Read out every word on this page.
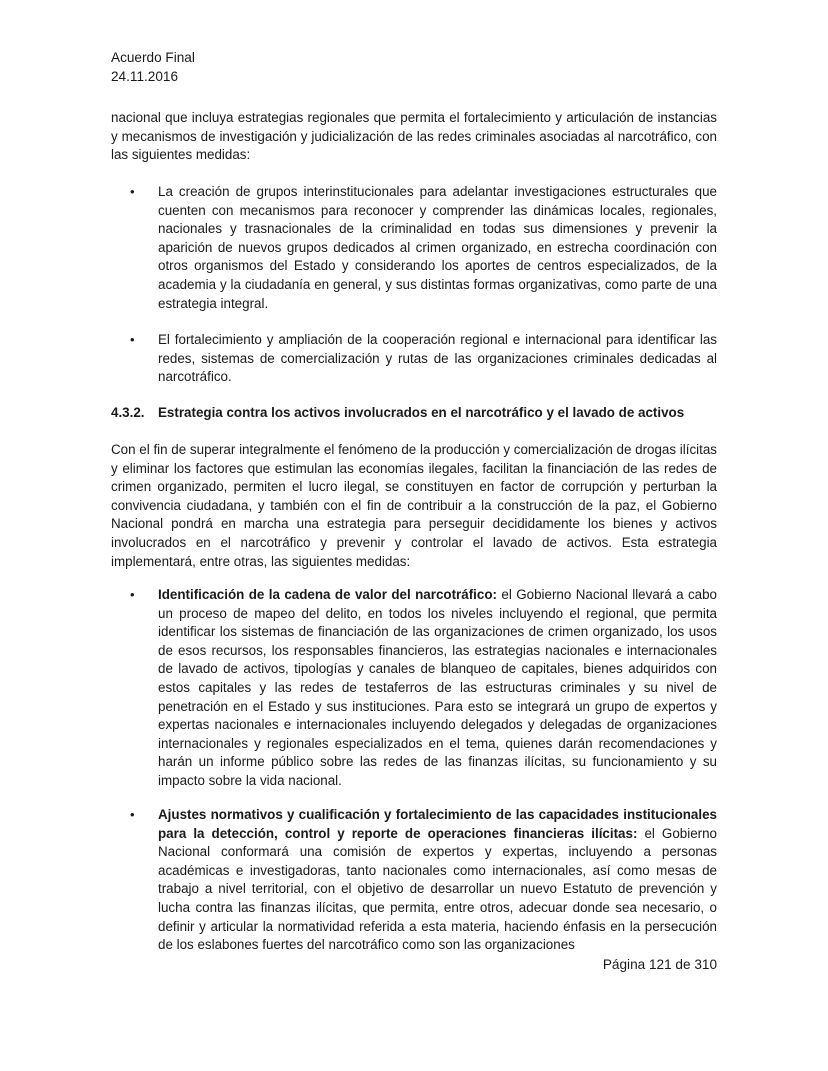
Acuerdo Final
24.11.2016

nacional que incluya estrategias regionales que permita el fortalecimiento y articulación de instancias y mecanismos de investigación y judicialización de las redes criminales asociadas al narcotráfico, con las siguientes medidas:

• La creación de grupos interinstitucionales para adelantar investigaciones estructurales que cuenten con mecanismos para reconocer y comprender las dinámicas locales, regionales, nacionales y trasnacionales de la criminalidad en todas sus dimensiones y prevenir la aparición de nuevos grupos dedicados al crimen organizado, en estrecha coordinación con otros organismos del Estado y considerando los aportes de centros especializados, de la academia y la ciudadanía en general, y sus distintas formas organizativas, como parte de una estrategia integral.

• El fortalecimiento y ampliación de la cooperación regional e internacional para identificar las redes, sistemas de comercialización y rutas de las organizaciones criminales dedicadas al narcotráfico.

4.3.2. Estrategia contra los activos involucrados en el narcotráfico y el lavado de activos

Con el fin de superar integralmente el fenómeno de la producción y comercialización de drogas ilícitas y eliminar los factores que estimulan las economías ilegales, facilitan la financiación de las redes de crimen organizado, permiten el lucro ilegal, se constituyen en factor de corrupción y perturban la convivencia ciudadana, y también con el fin de contribuir a la construcción de la paz, el Gobierno Nacional pondrá en marcha una estrategia para perseguir decididamente los bienes y activos involucrados en el narcotráfico y prevenir y controlar el lavado de activos. Esta estrategia implementará, entre otras, las siguientes medidas:

• Identificación de la cadena de valor del narcotráfico: el Gobierno Nacional llevará a cabo un proceso de mapeo del delito, en todos los niveles incluyendo el regional, que permita identificar los sistemas de financiación de las organizaciones de crimen organizado, los usos de esos recursos, los responsables financieros, las estrategias nacionales e internacionales de lavado de activos, tipologías y canales de blanqueo de capitales, bienes adquiridos con estos capitales y las redes de testaferros de las estructuras criminales y su nivel de penetración en el Estado y sus instituciones. Para esto se integrará un grupo de expertos y expertas nacionales e internacionales incluyendo delegados y delegadas de organizaciones internacionales y regionales especializados en el tema, quienes darán recomendaciones y harán un informe público sobre las redes de las finanzas ilícitas, su funcionamiento y su impacto sobre la vida nacional.

• Ajustes normativos y cualificación y fortalecimiento de las capacidades institucionales para la detección, control y reporte de operaciones financieras ilícitas: el Gobierno Nacional conformará una comisión de expertos y expertas, incluyendo a personas académicas e investigadoras, tanto nacionales como internacionales, así como mesas de trabajo a nivel territorial, con el objetivo de desarrollar un nuevo Estatuto de prevención y lucha contra las finanzas ilícitas, que permita, entre otros, adecuar donde sea necesario, o definir y articular la normatividad referida a esta materia, haciendo énfasis en la persecución de los eslabones fuertes del narcotráfico como son las organizaciones

Página 121 de 310
